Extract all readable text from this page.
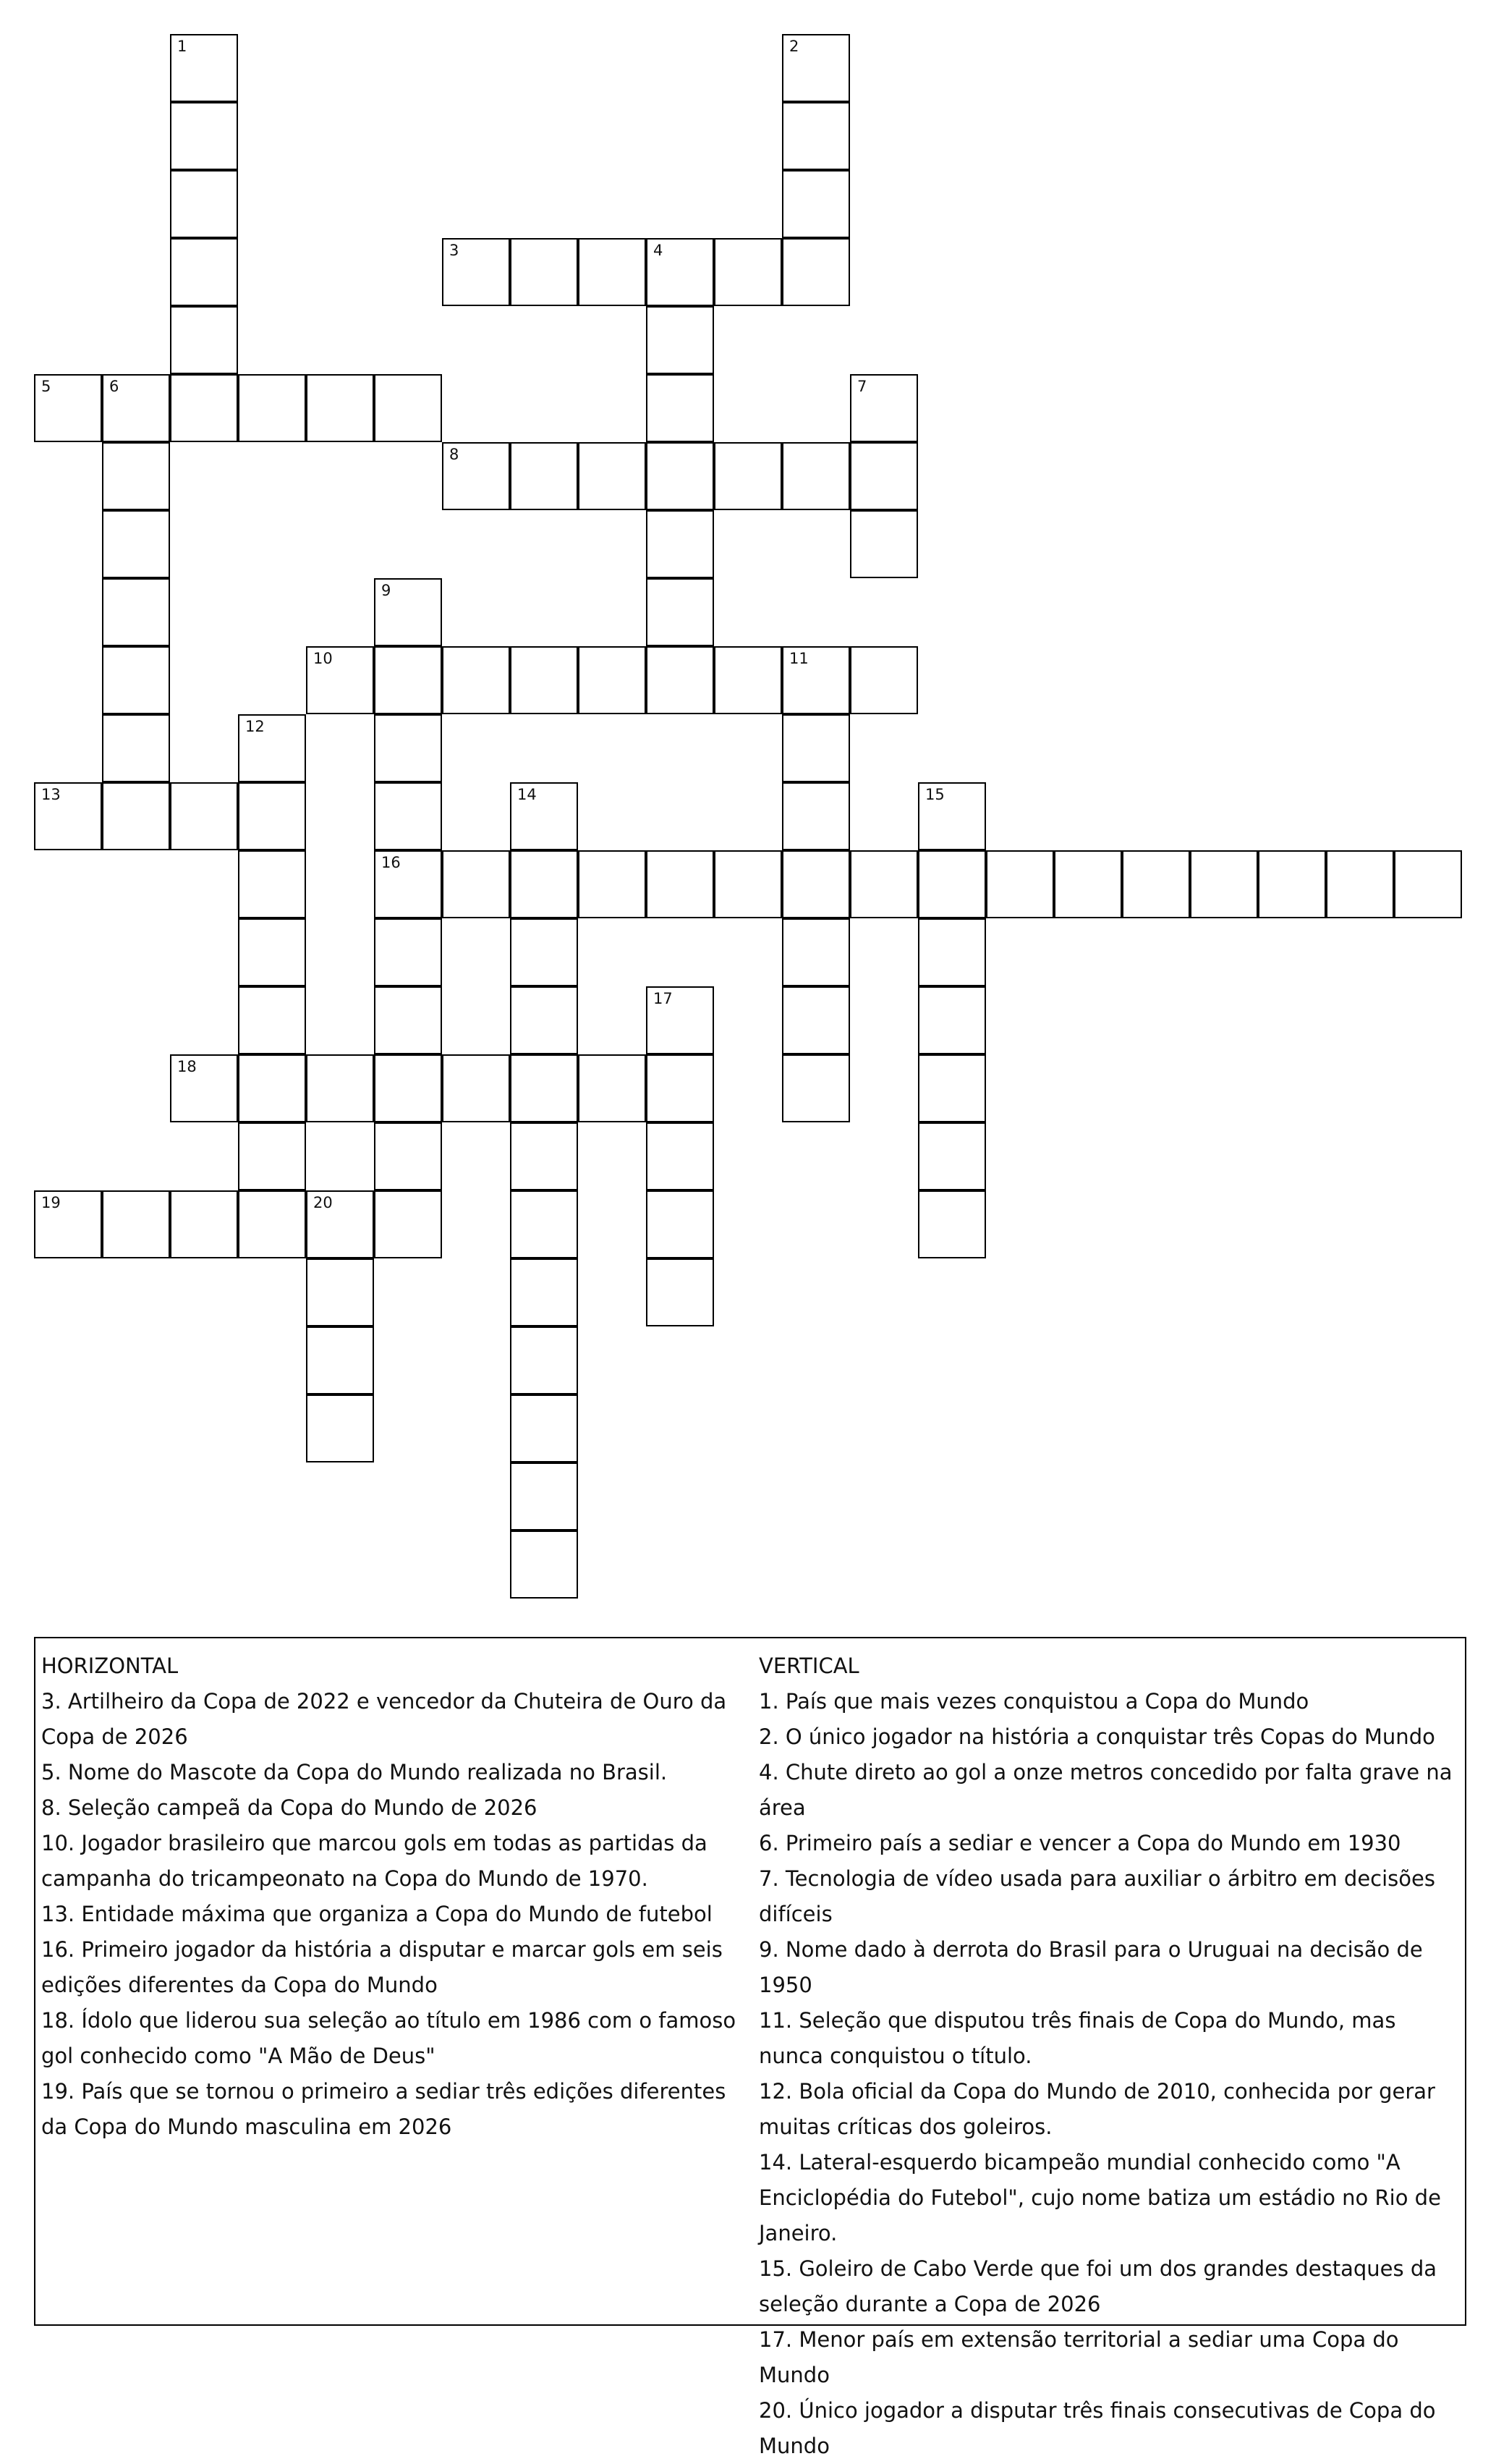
1	2
3	4
5	6	7
8
9
16
10	11
12
13	14	15
17
18
19	20
HORIZONTAL
3. Artilheiro da Copa de 2022 e vencedor da Chuteira de Ouro da Copa de 2026
5. Nome do Mascote da Copa do Mundo realizada no Brasil.
8. Seleção campeã da Copa do Mundo de 2026
10. Jogador brasileiro que marcou gols em todas as partidas da campanha do tricampeonato na Copa do Mundo de 1970.
13. Entidade máxima que organiza a Copa do Mundo de futebol
16. Primeiro jogador da história a disputar e marcar gols em seis edições diferentes da Copa do Mundo
18. Ídolo que liderou sua seleção ao título em 1986 com o famoso gol conhecido como "A Mão de Deus"
19. País que se tornou o primeiro a sediar três edições diferentes da Copa do Mundo masculina em 2026
VERTICAL
1. País que mais vezes conquistou a Copa do Mundo
2. O único jogador na história a conquistar três Copas do Mundo
4. Chute direto ao gol a onze metros concedido por falta grave na área
6. Primeiro país a sediar e vencer a Copa do Mundo em 1930
7. Tecnologia de vídeo usada para auxiliar o árbitro em decisões difíceis
9. Nome dado à derrota do Brasil para o Uruguai na decisão de 1950
11. Seleção que disputou três finais de Copa do Mundo, mas nunca conquistou o título.
12. Bola oficial da Copa do Mundo de 2010, conhecida por gerar muitas críticas dos goleiros.
14. Lateral-esquerdo bicampeão mundial conhecido como "A Enciclopédia do Futebol", cujo nome batiza um estádio no Rio de Janeiro.
15. Goleiro de Cabo Verde que foi um dos grandes destaques da seleção durante a Copa de 2026
17. Menor país em extensão territorial a sediar uma Copa do Mundo
20. Único jogador a disputar três finais consecutivas de Copa do Mundo
